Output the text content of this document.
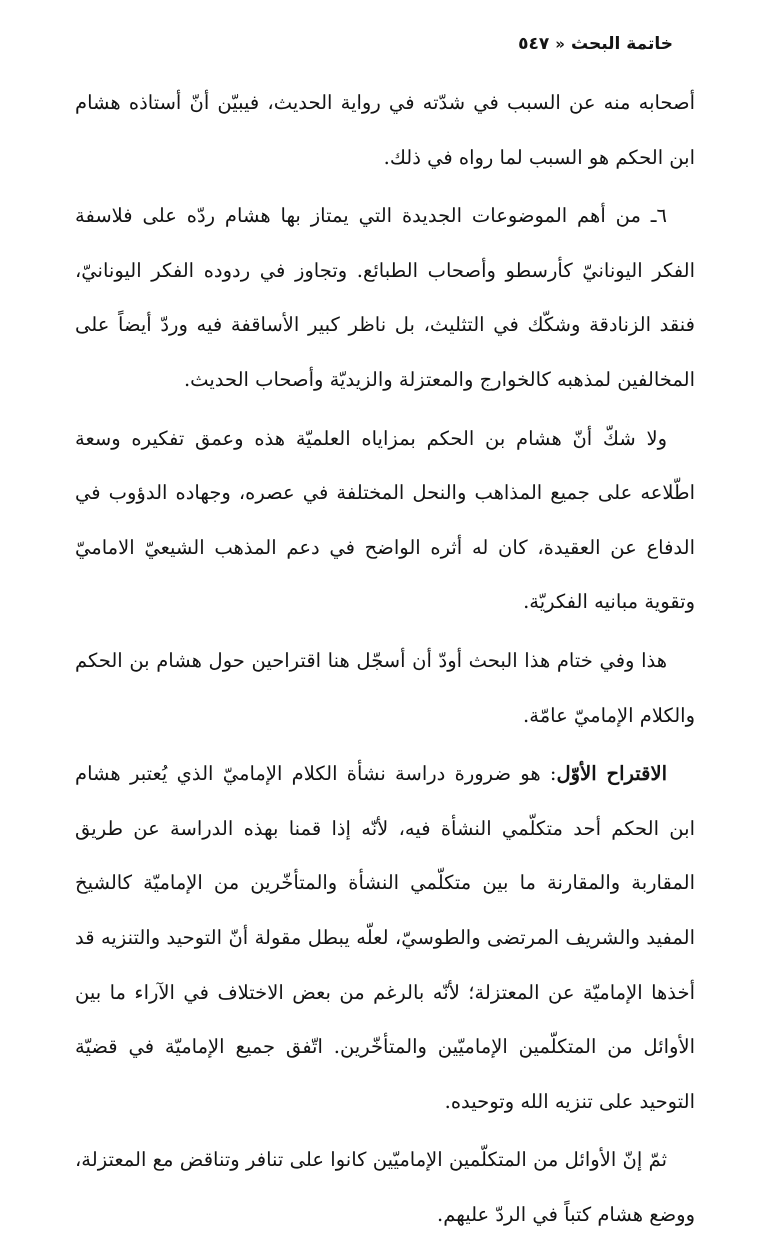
خاتمة البحث
«
٥٤٧

أصحابه منه عن السبب في شدّته في رواية الحديث، فيبيّن أنّ أستاذه هشام ابن الحكم هو السبب لما رواه في ذلك.

٦ـ من أهم الموضوعات الجديدة التي يمتاز بها هشام ردّه على فلاسفة الفكر اليونانيّ كأرسطو وأصحاب الطبائع. وتجاوز في ردوده الفكر اليونانيّ، فنقد الزنادقة وشكّك في التثليث، بل ناظر كبير الأساقفة فيه وردّ أيضاً على المخالفين لمذهبه كالخوارج والمعتزلة والزيديّة وأصحاب الحديث.

ولا شكّ أنّ هشام بن الحكم بمزاياه العلميّة هذه وعمق تفكيره وسعة اطّلاعه على جميع المذاهب والنحل المختلفة في عصره، وجهاده الدؤوب في الدفاع عن العقيدة، كان له أثره الواضح في دعم المذهب الشيعيّ الاماميّ وتقوية مبانيه الفكريّة.

هذا وفي ختام هذا البحث أودّ أن أسجّل هنا اقتراحين حول هشام بن الحكم والكلام الإماميّ عامّة.

الاقتراح الأوّل: هو ضرورة دراسة نشأة الكلام الإماميّ الذي يُعتبر هشام ابن الحكم أحد متكلّمي النشأة فيه، لأنّه إذا قمنا بهذه الدراسة عن طريق المقاربة والمقارنة ما بين متكلّمي النشأة والمتأخّرين من الإماميّة كالشيخ المفيد والشريف المرتضى والطوسيّ، لعلّه يبطل مقولة أنّ التوحيد والتنزيه قد أخذها الإماميّة عن المعتزلة؛ لأنّه بالرغم من بعض الاختلاف في الآراء ما بين الأوائل من المتكلّمين الإماميّين والمتأخّرين. اتّفق جميع الإماميّة في قضيّة التوحيد على تنزيه الله وتوحيده.

ثمّ إنّ الأوائل من المتكلّمين الإماميّين كانوا على تنافر وتناقض مع المعتزلة، ووضع هشام كتباً في الردّ عليهم.
